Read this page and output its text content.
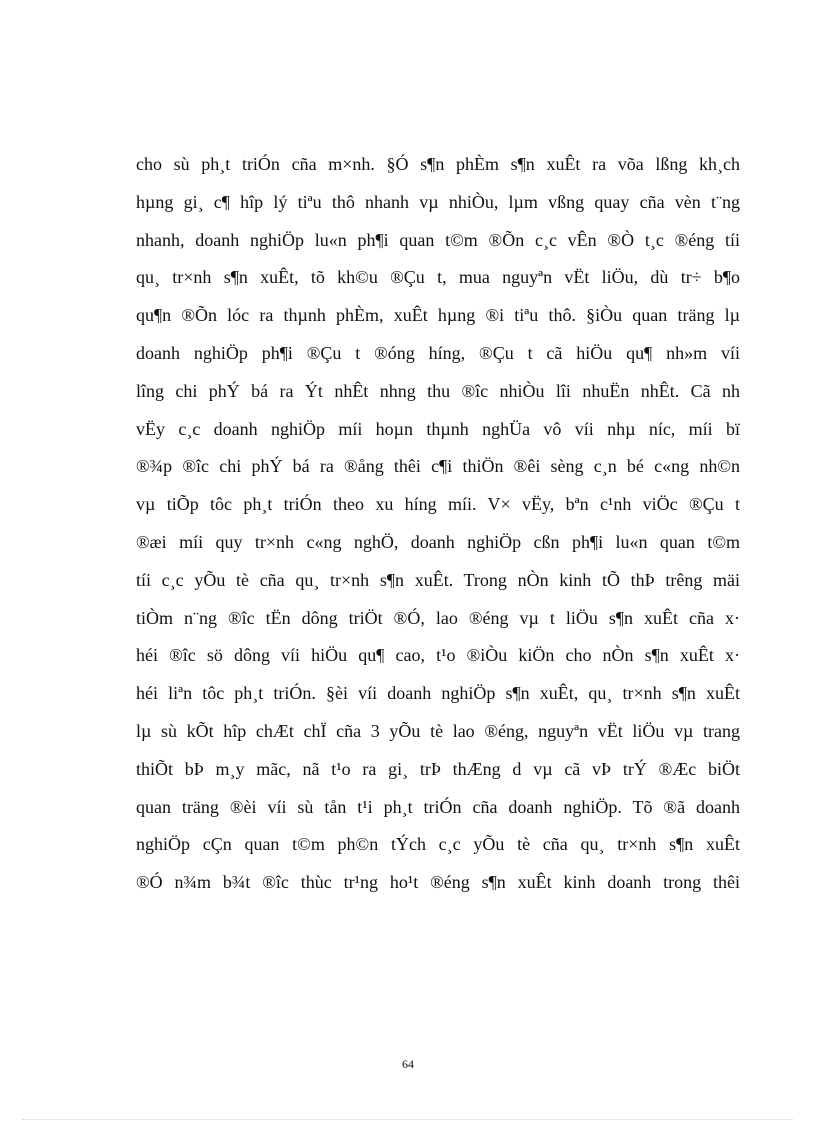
cho sù ph¸t triÓn cña m×nh. §Ó s¶n phÈm s¶n xuÊt ra võa lßng kh¸ch
hµng gi¸ c¶ hîp lý tiªu thô nhanh vµ nhiÒu, lµm vßng quay cña vèn t¨ng
nhanh, doanh nghiÖp lu«n ph¶i quan t©m ®Õn c¸c vÊn ®Ò t¸c ®éng tíi
qu¸ tr×nh s¶n xuÊt, tõ kh©u ®Çu t, mua nguyªn vËt liÖu, dù tr÷ b¶o
qu¶n ®Õn lóc ra thµnh phÈm, xuÊt hµng ®i tiªu thô. §iÒu quan träng lµ
doanh nghiÖp ph¶i ®Çu t ®óng híng, ®Çu t cã hiÖu qu¶ nh»m víi
lîng chi phÝ bá ra Ýt nhÊt nhng thu ®îc nhiÒu lîi nhuËn nhÊt. Cã nh
vËy c¸c doanh nghiÖp míi hoµn thµnh nghÜa vô víi nhµ níc, míi bï
®¾p ®îc chi phÝ bá ra ®ång thêi c¶i thiÖn ®êi sèng c¸n bé c«ng nh©n
vµ tiÕp tôc ph¸t triÓn theo xu híng míi. V× vËy, bªn c¹nh viÖc ®Çu t
®æi míi quy tr×nh c«ng nghÖ, doanh nghiÖp cßn ph¶i lu«n quan t©m
tíi c¸c yÕu tè cña qu¸ tr×nh s¶n xuÊt. Trong nÒn kinh tÕ thÞ trêng mäi
tiÒm n¨ng ®îc tËn dông triÖt ®Ó, lao ®éng vµ t liÖu s¶n xuÊt cña x·
héi ®îc sö dông víi hiÖu qu¶ cao, t¹o ®iÒu kiÖn cho nÒn s¶n xuÊt x·
héi liªn tôc ph¸t triÓn. §èi víi doanh nghiÖp s¶n xuÊt, qu¸ tr×nh s¶n xuÊt
lµ sù kÕt hîp chÆt chÏ cña 3 yÕu tè lao ®éng, nguyªn vËt liÖu vµ trang
thiÕt bÞ m¸y mãc, nã t¹o ra gi¸ trÞ thÆng d vµ cã vÞ trÝ ®Æc biÖt
quan träng ®èi víi sù tån t¹i ph¸t triÓn cña doanh nghiÖp. Tõ ®ã doanh
nghiÖp cÇn quan t©m ph©n tÝch c¸c yÕu tè cña qu¸ tr×nh s¶n xuÊt
®Ó n¾m b¾t ®îc thùc tr¹ng ho¹t ®éng s¶n xuÊt kinh doanh trong thêi
64
